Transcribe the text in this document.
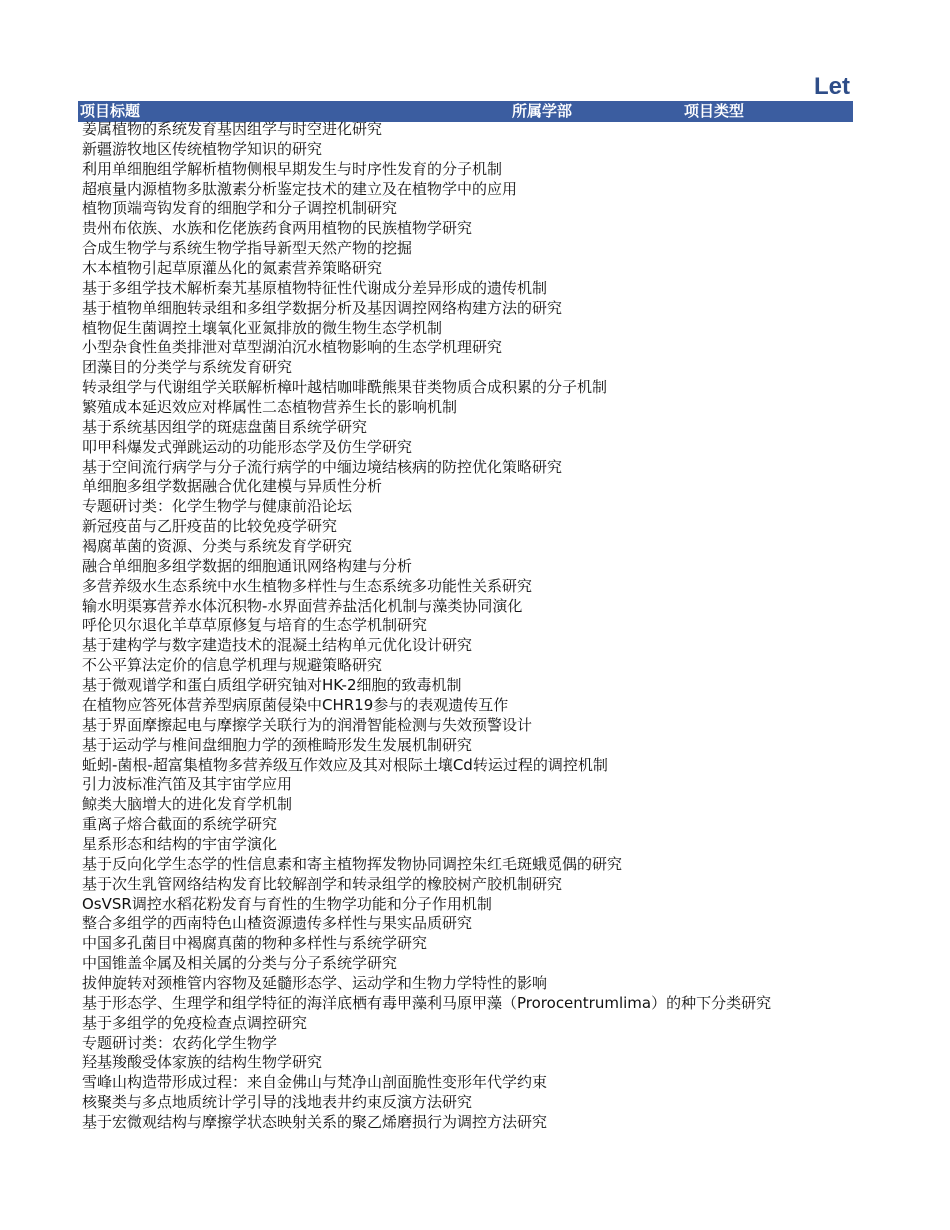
Let
项目标题	所属学部	项目类型
姜属植物的系统发育基因组学与时空进化研究
新疆游牧地区传统植物学知识的研究
利用单细胞组学解析植物侧根早期发生与时序性发育的分子机制
超痕量内源植物多肽激素分析鉴定技术的建立及在植物学中的应用
植物顶端弯钩发育的细胞学和分子调控机制研究
贵州布依族、水族和仡佬族药食两用植物的民族植物学研究
合成生物学与系统生物学指导新型天然产物的挖掘
木本植物引起草原灌丛化的氮素营养策略研究
基于多组学技术解析秦艽基原植物特征性代谢成分差异形成的遗传机制
基于植物单细胞转录组和多组学数据分析及基因调控网络构建方法的研究
植物促生菌调控土壤氧化亚氮排放的微生物生态学机制
小型杂食性鱼类排泄对草型湖泊沉水植物影响的生态学机理研究
团藻目的分类学与系统发育研究
转录组学与代谢组学关联解析樟叶越桔咖啡酰熊果苷类物质合成积累的分子机制
繁殖成本延迟效应对桦属性二态植物营养生长的影响机制
基于系统基因组学的斑痣盘菌目系统学研究
叩甲科爆发式弹跳运动的功能形态学及仿生学研究
基于空间流行病学与分子流行病学的中缅边境结核病的防控优化策略研究
单细胞多组学数据融合优化建模与异质性分析
专题研讨类：化学生物学与健康前沿论坛
新冠疫苗与乙肝疫苗的比较免疫学研究
褐腐革菌的资源、分类与系统发育学研究
融合单细胞多组学数据的细胞通讯网络构建与分析
多营养级水生态系统中水生植物多样性与生态系统多功能性关系研究
输水明渠寡营养水体沉积物-水界面营养盐活化机制与藻类协同演化
呼伦贝尔退化羊草草原修复与培育的生态学机制研究
基于建构学与数字建造技术的混凝土结构单元优化设计研究
不公平算法定价的信息学机理与规避策略研究
基于微观谱学和蛋白质组学研究铀对HK-2细胞的致毒机制
在植物应答死体营养型病原菌侵染中CHR19参与的表观遗传互作
基于界面摩擦起电与摩擦学关联行为的润滑智能检测与失效预警设计
基于运动学与椎间盘细胞力学的颈椎畸形发生发展机制研究
蚯蚓-菌根-超富集植物多营养级互作效应及其对根际土壤Cd转运过程的调控机制
引力波标准汽笛及其宇宙学应用
鲸类大脑增大的进化发育学机制
重离子熔合截面的系统学研究
星系形态和结构的宇宙学演化
基于反向化学生态学的性信息素和寄主植物挥发物协同调控朱红毛斑蛾觅偶的研究
基于次生乳管网络结构发育比较解剖学和转录组学的橡胶树产胶机制研究
OsVSR调控水稻花粉发育与育性的生物学功能和分子作用机制
整合多组学的西南特色山楂资源遗传多样性与果实品质研究
中国多孔菌目中褐腐真菌的物种多样性与系统学研究
中国锥盖伞属及相关属的分类与分子系统学研究
拔伸旋转对颈椎管内容物及延髓形态学、运动学和生物力学特性的影响
基于形态学、生理学和组学特征的海洋底栖有毒甲藻利马原甲藻（Prorocentrumlima）的种下分类研究
基于多组学的免疫检查点调控研究
专题研讨类：农药化学生物学
羟基羧酸受体家族的结构生物学研究
雪峰山构造带形成过程：来自金佛山与梵净山剖面脆性变形年代学约束
核聚类与多点地质统计学引导的浅地表井约束反演方法研究
基于宏微观结构与摩擦学状态映射关系的聚乙烯磨损行为调控方法研究
